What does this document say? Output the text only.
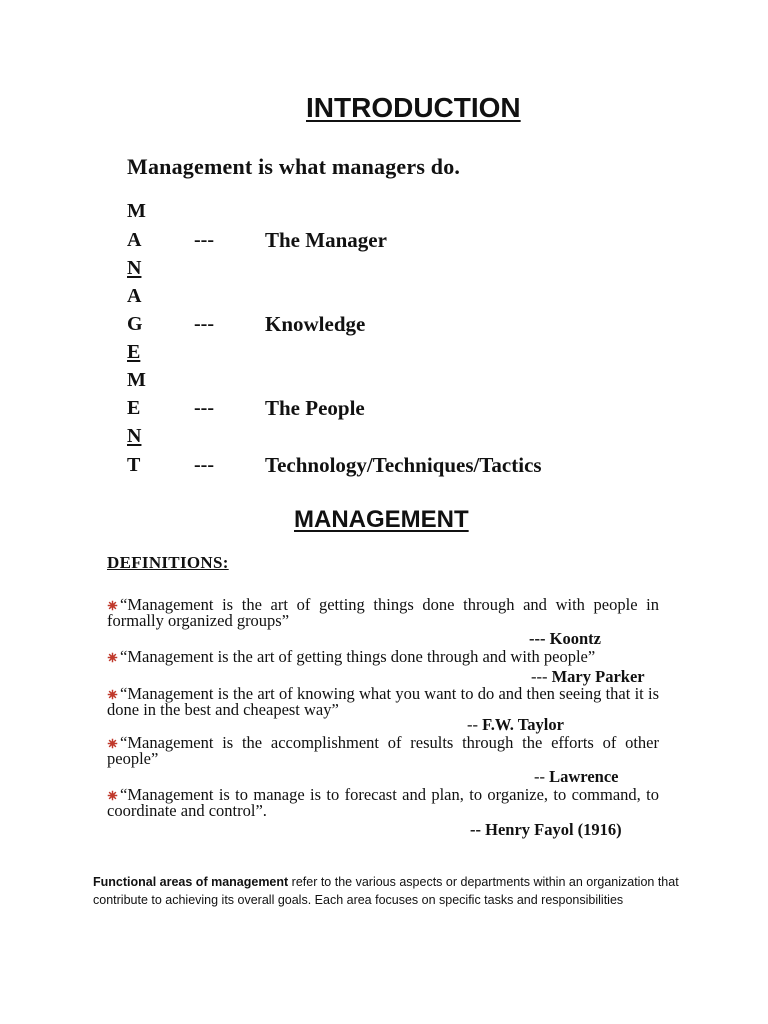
INTRODUCTION
Management is what managers do.
M
A	--- The Manager
N
A
G	--- Knowledge
E
M
E	--- The People
N
T	--- Technology/Techniques/Tactics
MANAGEMENT
DEFINITIONS:
“Management is the art of getting things done through and with people in formally organized groups”
--- Koontz
“Management is the art of getting things done through and with people”
--- Mary Parker
“Management is the art of knowing what you want to do and then seeing that it is done in the best and cheapest way”
-- F.W. Taylor
“Management is the accomplishment of results through the efforts of other people”
-- Lawrence
“Management is to manage is to forecast and plan, to organize, to command, to coordinate and control”.
-- Henry Fayol (1916)
Functional areas of management refer to the various aspects or departments within an organization that contribute to achieving its overall goals. Each area focuses on specific tasks and responsibilities
